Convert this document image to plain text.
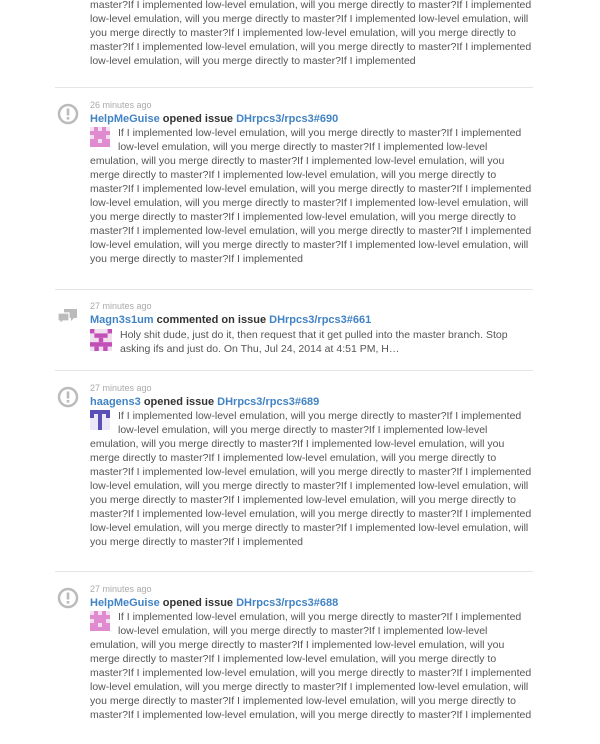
master?If I implemented low-level emulation, will you merge directly to master?If I implemented low-level emulation, will you merge directly to master?If I implemented low-level emulation, will you merge directly to master?If I implemented low-level emulation, will you merge directly to master?If I implemented low-level emulation, will you merge directly to master?If I implemented low-level emulation, will you merge directly to master?If I implemented

26 minutes ago
HelpMeGuise opened issue DHrpcs3/rpcs3#690
If I implemented low-level emulation, will you merge directly to master?If I implemented low-level emulation, will you merge directly to master?If I implemented low-level emulation, will you merge directly to master?If I implemented low-level emulation, will you merge directly to master?If I implemented low-level emulation, will you merge directly to master?If I implemented low-level emulation, will you merge directly to master?If I implemented low-level emulation, will you merge directly to master?If I implemented low-level emulation, will you merge directly to master?If I implemented low-level emulation, will you merge directly to master?If I implemented low-level emulation, will you merge directly to master?If I implemented low-level emulation, will you merge directly to master?If I implemented low-level emulation, will you merge directly to master?If I implemented
27 minutes ago
Magn3s1um commented on issue DHrpcs3/rpcs3#661
Holy shit dude, just do it, then request that it get pulled into the master branch. Stop asking ifs and just do. On Thu, Jul 24, 2014 at 4:51 PM, H…
27 minutes ago
haagens3 opened issue DHrpcs3/rpcs3#689
If I implemented low-level emulation, will you merge directly to master?If I implemented low-level emulation, will you merge directly to master?If I implemented low-level emulation, will you merge directly to master?If I implemented low-level emulation, will you merge directly to master?If I implemented low-level emulation, will you merge directly to master?If I implemented low-level emulation, will you merge directly to master?If I implemented low-level emulation, will you merge directly to master?If I implemented low-level emulation, will you merge directly to master?If I implemented low-level emulation, will you merge directly to master?If I implemented low-level emulation, will you merge directly to master?If I implemented low-level emulation, will you merge directly to master?If I implemented low-level emulation, will you merge directly to master?If I implemented
27 minutes ago
HelpMeGuise opened issue DHrpcs3/rpcs3#688
If I implemented low-level emulation, will you merge directly to master?If I implemented low-level emulation, will you merge directly to master?If I implemented low-level emulation, will you merge directly to master?If I implemented low-level emulation, will you merge directly to master?If I implemented low-level emulation, will you merge directly to master?If I implemented low-level emulation, will you merge directly to master?If I implemented low-level emulation, will you merge directly to master?If I implemented low-level emulation, will you merge directly to master?If I implemented low-level emulation, will you merge directly to master?If I implemented low-level emulation, will you merge directly to master?If I implemented
